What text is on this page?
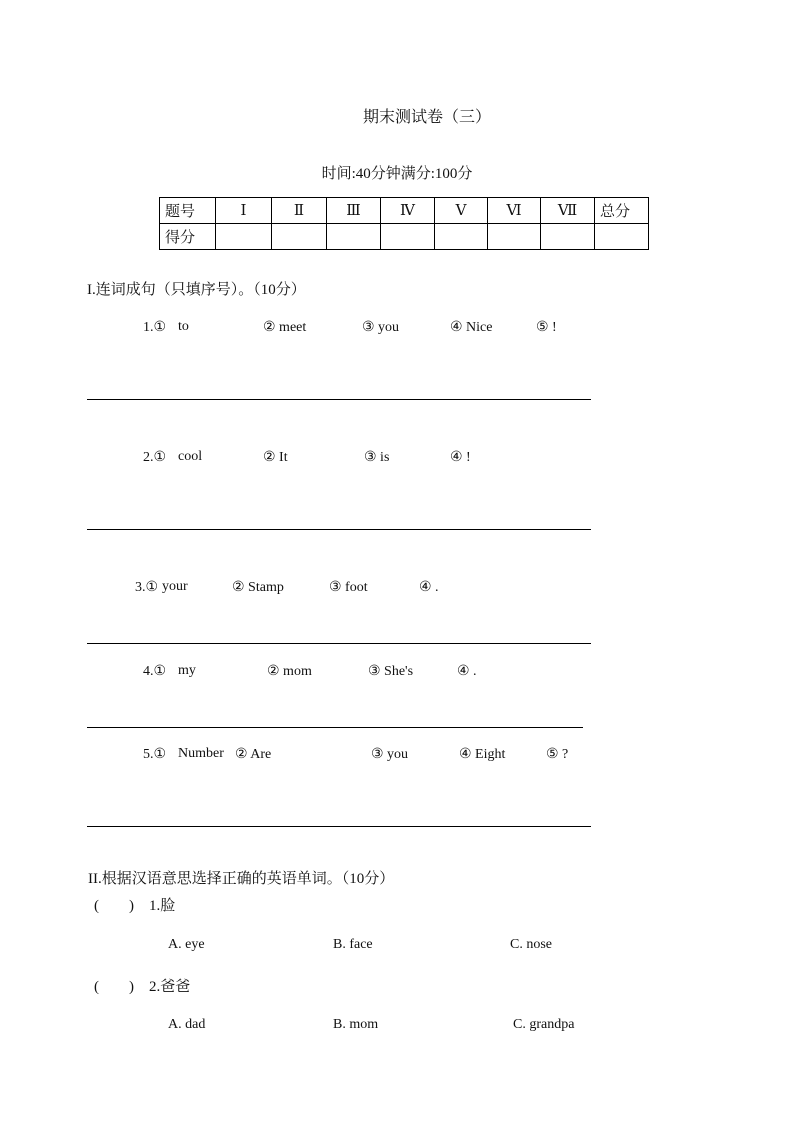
期末测试卷（三）
时间:40分钟满分:100分
题号	Ⅰ	Ⅱ	Ⅲ	Ⅳ	Ⅴ	Ⅵ	Ⅶ	总分
得分								
I.连词成句（只填序号）。（10分）
1.① to	② meet	③ you	④ Nice	⑤ !
2.① cool	② It	③ is	④ !
3.① your	② Stamp	③ foot	④ .
4.① my	② mom	③ She's	④ .
5.① Number ② Are	③ you	④ Eight	⑤ ?
II.根据汉语意思选择正确的英语单词。（10分）
(　　)　1.脸
A. eye	B. face	C. nose
(　　)　2.爸爸
A. dad	B. mom	C. grandpa
